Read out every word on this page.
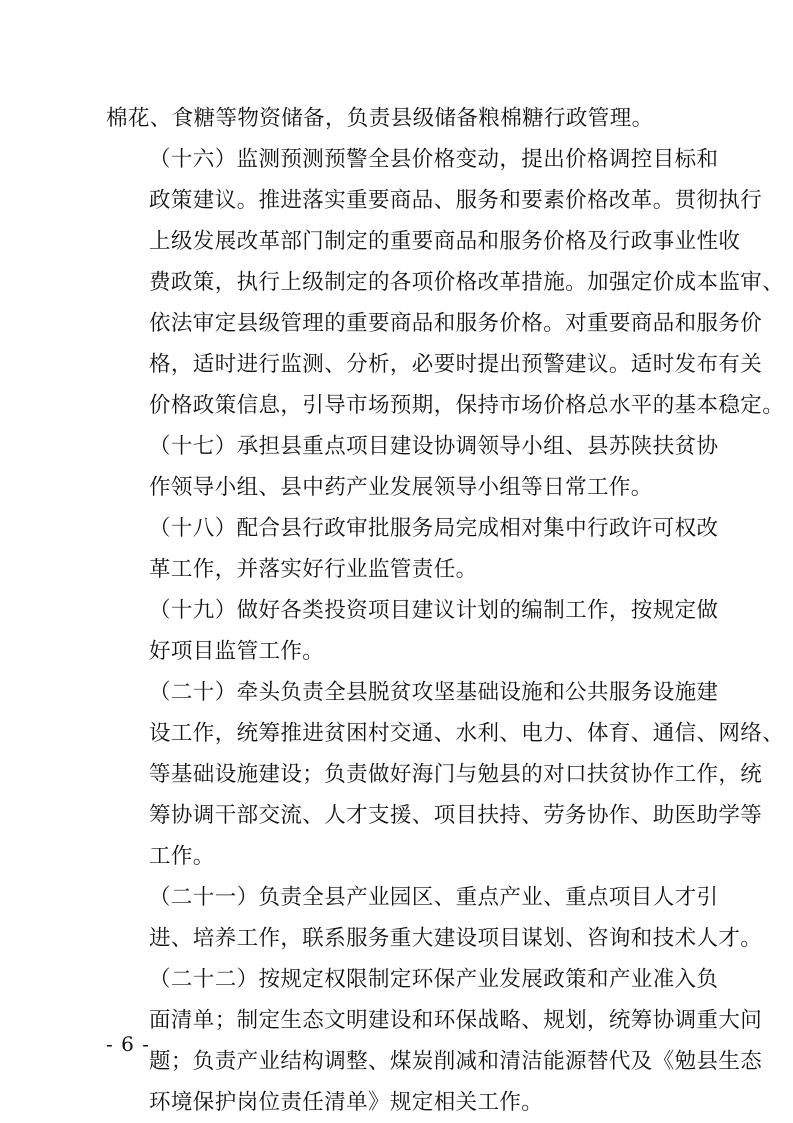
棉花、食糖等物资储备，负责县级储备粮棉糖行政管理。

（十六）监测预测预警全县价格变动，提出价格调控目标和
政策建议。推进落实重要商品、服务和要素价格改革。贯彻执行
上级发展改革部门制定的重要商品和服务价格及行政事业性收
费政策，执行上级制定的各项价格改革措施。加强定价成本监审、
依法审定县级管理的重要商品和服务价格。对重要商品和服务价
格，适时进行监测、分析，必要时提出预警建议。适时发布有关
价格政策信息，引导市场预期，保持市场价格总水平的基本稳定。

（十七）承担县重点项目建设协调领导小组、县苏陕扶贫协
作领导小组、县中药产业发展领导小组等日常工作。

（十八）配合县行政审批服务局完成相对集中行政许可权改
革工作，并落实好行业监管责任。

（十九）做好各类投资项目建议计划的编制工作，按规定做
好项目监管工作。

（二十）牵头负责全县脱贫攻坚基础设施和公共服务设施建
设工作，统筹推进贫困村交通、水利、电力、体育、通信、网络、
等基础设施建设；负责做好海门与勉县的对口扶贫协作工作，统
筹协调干部交流、人才支援、项目扶持、劳务协作、助医助学等
工作。

（二十一）负责全县产业园区、重点产业、重点项目人才引
进、培养工作，联系服务重大建设项目谋划、咨询和技术人才。

（二十二）按规定权限制定环保产业发展政策和产业准入负
面清单；制定生态文明建设和环保战略、规划，统筹协调重大问
题；负责产业结构调整、煤炭削减和清洁能源替代及《勉县生态
环境保护岗位责任清单》规定相关工作。

- 6 -
